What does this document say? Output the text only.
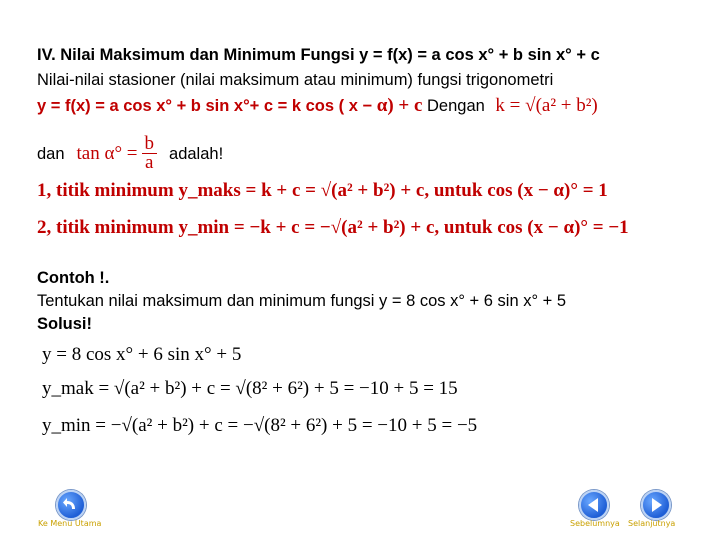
IV. Nilai Maksimum dan Minimum Fungsi y = f(x) = a cos x° + b sin x° + c
Nilai-nilai stasioner (nilai maksimum atau minimum) fungsi trigonometri
y = f(x) = a cos x° + b sin x°+ c = k cos ( x − α) + c Dengan k = √(a² + b²)
dan $\tan \alpha^\circ = \frac{b}{a}$ adalah!
1, titik minimum y_maks = k + c = √(a² + b²) + c, untuk cos (x − α)° = 1
2, titik minimum y_min = −k + c = −√(a² + b²) + c, untuk cos (x − α)° = −1
Contoh !.
Tentukan nilai maksimum dan minimum fungsi y = 8 cos x° + 6 sin x° + 5
Solusi!
y = 8 cos x° + 6 sin x° + 5
y_mak = √(a² + b²) + c = √(8² + 6²) + 5 = −10 + 5 = 15
y_min = −√(a² + b²) + c = −√(8² + 6²) + 5 = −10 + 5 = −5
Ke Menu Utama	Sebelumnya Selanjutnya
